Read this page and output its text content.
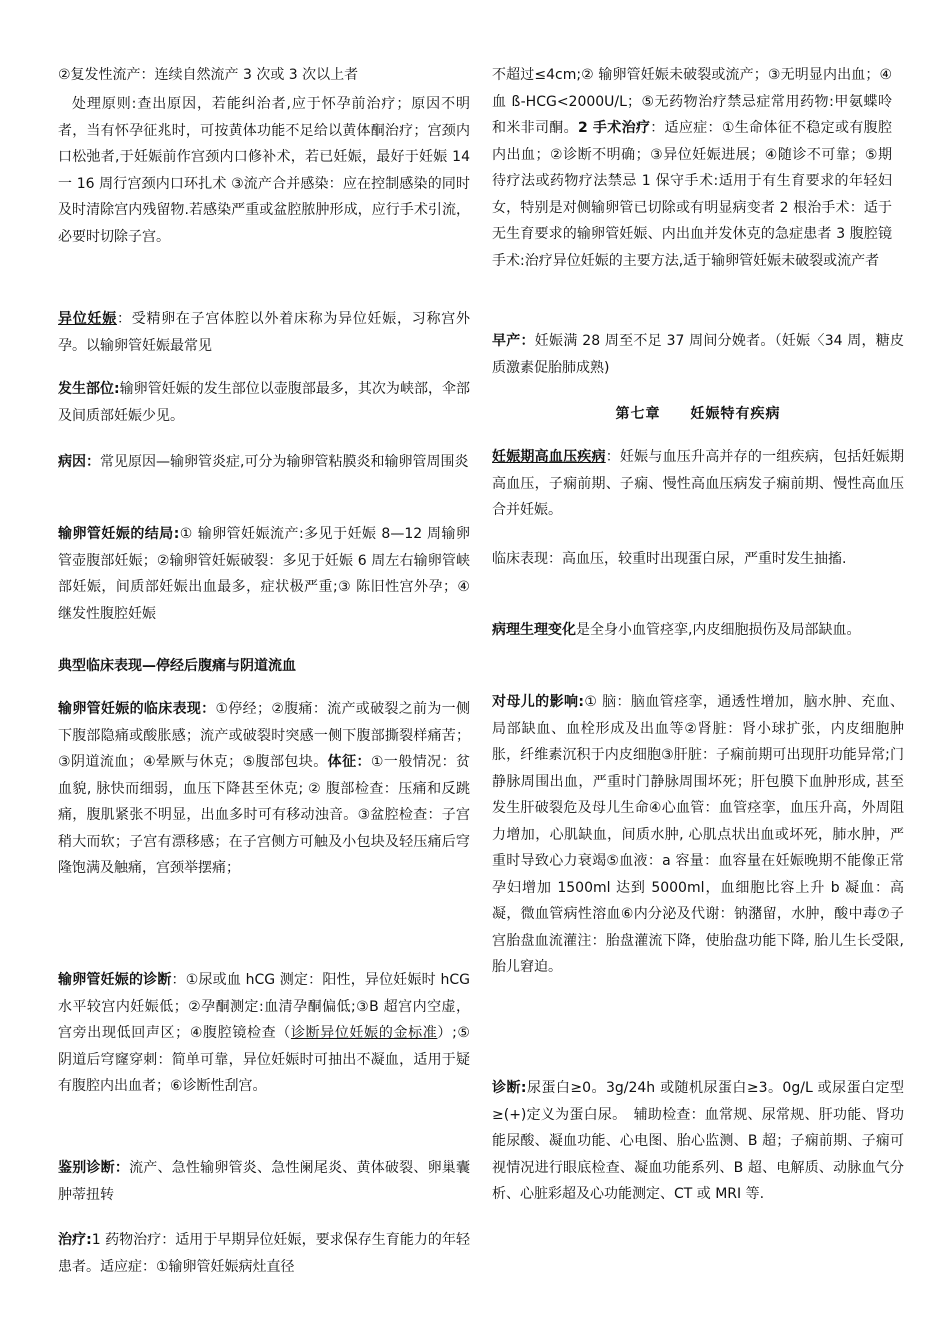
②复发性流产：连续自然流产 3 次或 3 次以上者

处理原则:查出原因，若能纠治者,应于怀孕前治疗；原因不明者，当有怀孕征兆时，可按黄体功能不足给以黄体酮治疗；宫颈内口松弛者,于妊娠前作宫颈内口修补术，若已妊娠，最好于妊娠 14 一 16 周行宫颈内口环扎术 ③流产合并感染：应在控制感染的同时及时清除宫内残留物.若感染严重或盆腔脓肿形成，应行手术引流，必要时切除子宫。

异位妊娠：受精卵在子宫体腔以外着床称为异位妊娠，习称宫外孕。以输卵管妊娠最常见

发生部位:输卵管妊娠的发生部位以壶腹部最多，其次为峡部，伞部及间质部妊娠少见。

病因：常见原因—输卵管炎症,可分为输卵管粘膜炎和输卵管周围炎

输卵管妊娠的结局:① 输卵管妊娠流产:多见于妊娠 8—12 周输卵管壶腹部妊娠；②输卵管妊娠破裂：多见于妊娠 6 周左右输卵管峡部妊娠，间质部妊娠出血最多，症状极严重;③ 陈旧性宫外孕；④继发性腹腔妊娠

典型临床表现—停经后腹痛与阴道流血

输卵管妊娠的临床表现：①停经；②腹痛：流产或破裂之前为一侧下腹部隐痛或酸胀感；流产或破裂时突感一侧下腹部撕裂样痛苦；③阴道流血；④晕厥与休克；⑤腹部包块。体征：①一般情况：贫血貌, 脉快而细弱，血压下降甚至休克; ② 腹部检查：压痛和反跳痛，腹肌紧张不明显，出血多时可有移动浊音。③盆腔检查：子宫稍大而软；子宫有漂移感；在子宫侧方可触及小包块及轻压痛后穹隆饱满及触痛，宫颈举摆痛；

输卵管妊娠的诊断：①尿或血 hCG 测定：阳性，异位妊娠时 hCG 水平较宫内妊娠低；②孕酮测定:血清孕酮偏低;③B 超宫内空虚，宫旁出现低回声区；④腹腔镜检查（诊断异位妊娠的金标准）;⑤ 阴道后穹窿穿刺：简单可靠，异位妊娠时可抽出不凝血，适用于疑有腹腔内出血者；⑥诊断性刮宫。

鉴别诊断：流产、急性输卵管炎、急性阑尾炎、黄体破裂、卵巢囊肿蒂扭转

治疗:1 药物治疗：适用于早期异位妊娠，要求保存生育能力的年轻患者。适应症：①输卵管妊娠病灶直径

不超过≤4cm;② 输卵管妊娠未破裂或流产；③无明显内出血；④血 ß-HCG<2000U/L；⑤无药物治疗禁忌症常用药物:甲氨蝶呤和米非司酮。2 手术治疗：适应症：①生命体征不稳定或有腹腔内出血；②诊断不明确；③异位妊娠进展；④随诊不可靠；⑤期待疗法或药物疗法禁忌 1 保守手术:适用于有生育要求的年轻妇女，特别是对侧输卵管已切除或有明显病变者 2 根治手术：适于无生育要求的输卵管妊娠、内出血并发休克的急症患者 3 腹腔镜手术:治疗异位妊娠的主要方法,适于输卵管妊娠未破裂或流产者

早产：妊娠满 28 周至不足 37 周间分娩者。（妊娠〈34 周，糖皮质激素促胎肺成熟)

第七章　　妊娠特有疾病

妊娠期高血压疾病：妊娠与血压升高并存的一组疾病，包括妊娠期高血压，子痫前期、子痫、慢性高血压病发子痫前期、慢性高血压合并妊娠。

临床表现：高血压，较重时出现蛋白尿，严重时发生抽搐.

病理生理变化是全身小血管痉挛,内皮细胞损伤及局部缺血。

对母儿的影响:① 脑：脑血管痉挛，通透性增加，脑水肿、充血、局部缺血、血栓形成及出血等②肾脏：肾小球扩张，内皮细胞肿胀，纤维素沉积于内皮细胞③肝脏：子痫前期可出现肝功能异常;门静脉周围出血，严重时门静脉周围坏死；肝包膜下血肿形成, 甚至发生肝破裂危及母儿生命④心血管：血管痉挛，血压升高，外周阻力增加，心肌缺血，间质水肿, 心肌点状出血或坏死，肺水肿，严重时导致心力衰竭⑤血液：a 容量：血容量在妊娠晚期不能像正常孕妇增加 1500ml 达到 5000ml，血细胞比容上升 b 凝血：高凝，微血管病性溶血⑥内分泌及代谢：钠潴留，水肿，酸中毒⑦子宫胎盘血流灌注：胎盘灌流下降，使胎盘功能下降, 胎儿生长受限, 胎儿窘迫。

诊断:尿蛋白≥0。3g/24h 或随机尿蛋白≥3。0g/L 或尿蛋白定型≥(+)定义为蛋白尿。　辅助检查：血常规、尿常规、肝功能、肾功能尿酸、凝血功能、心电图、胎心监测、B 超；子痫前期、子痫可视情况进行眼底检查、凝血功能系列、B 超、电解质、动脉血气分析、心脏彩超及心功能测定、CT 或 MRI 等.
